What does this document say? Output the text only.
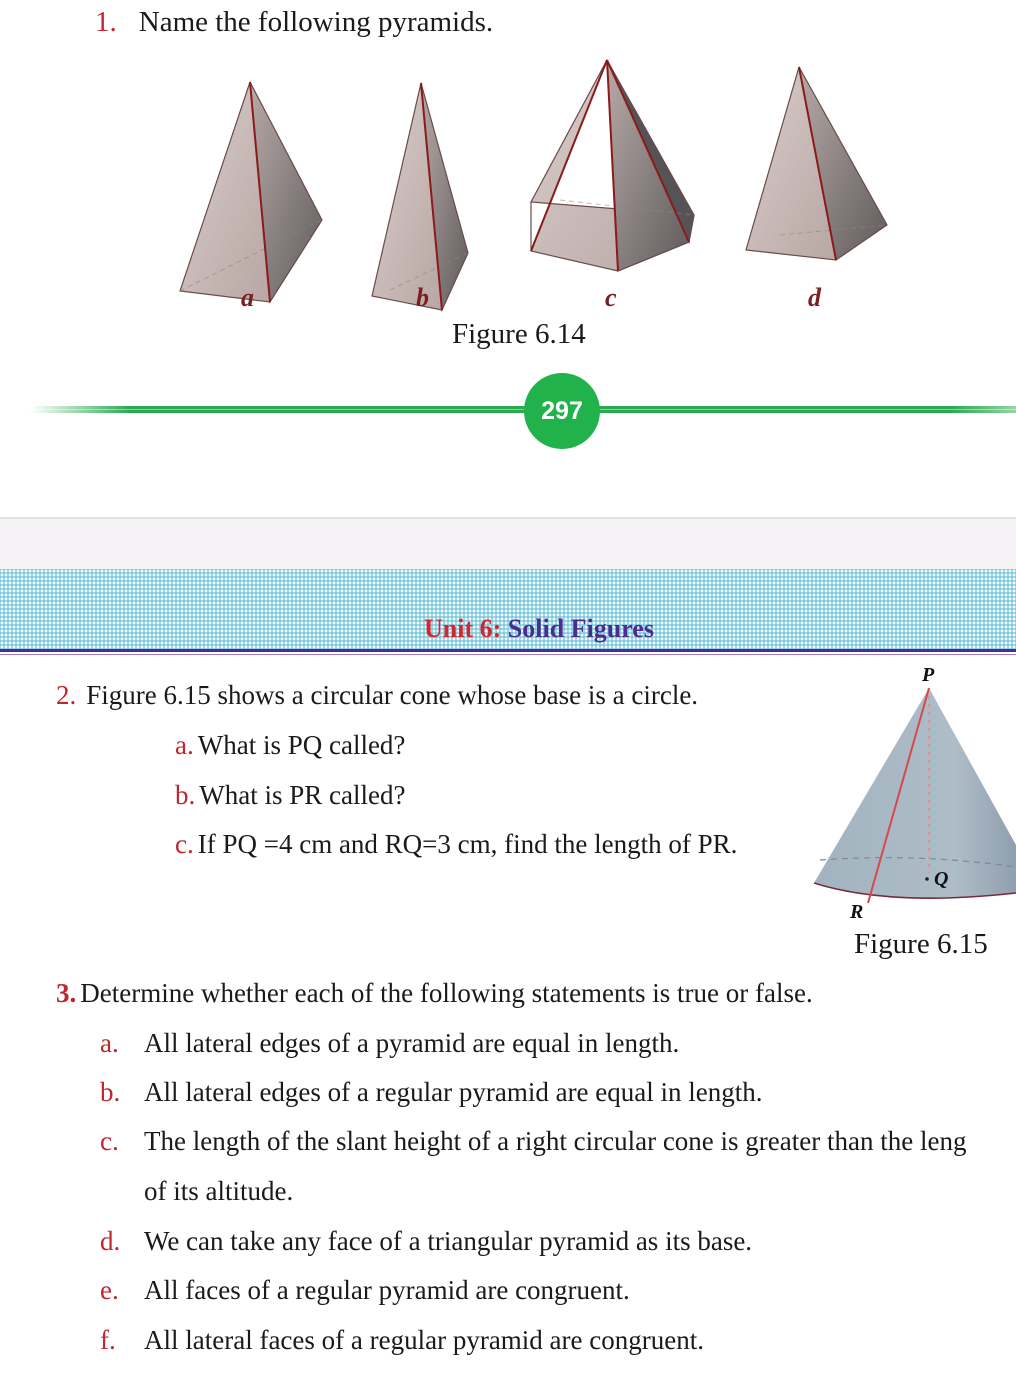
1. Name the following pyramids.
a	b	c	d
Figure 6.14
297
Unit 6: Solid Figures
2. Figure 6.15 shows a circular cone whose base is a circle.
a. What is PQ called?
b. What is PR called?
c. If PQ =4 cm and RQ=3 cm, find the length of PR.
P
Q
R
Figure 6.15
3. Determine whether each of the following statements is true or false.
a. All lateral edges of a pyramid are equal in length.
b. All lateral edges of a regular pyramid are equal in length.
c. The length of the slant height of a right circular cone is greater than the leng
of its altitude.
d. We can take any face of a triangular pyramid as its base.
e. All faces of a regular pyramid are congruent.
f. All lateral faces of a regular pyramid are congruent.
